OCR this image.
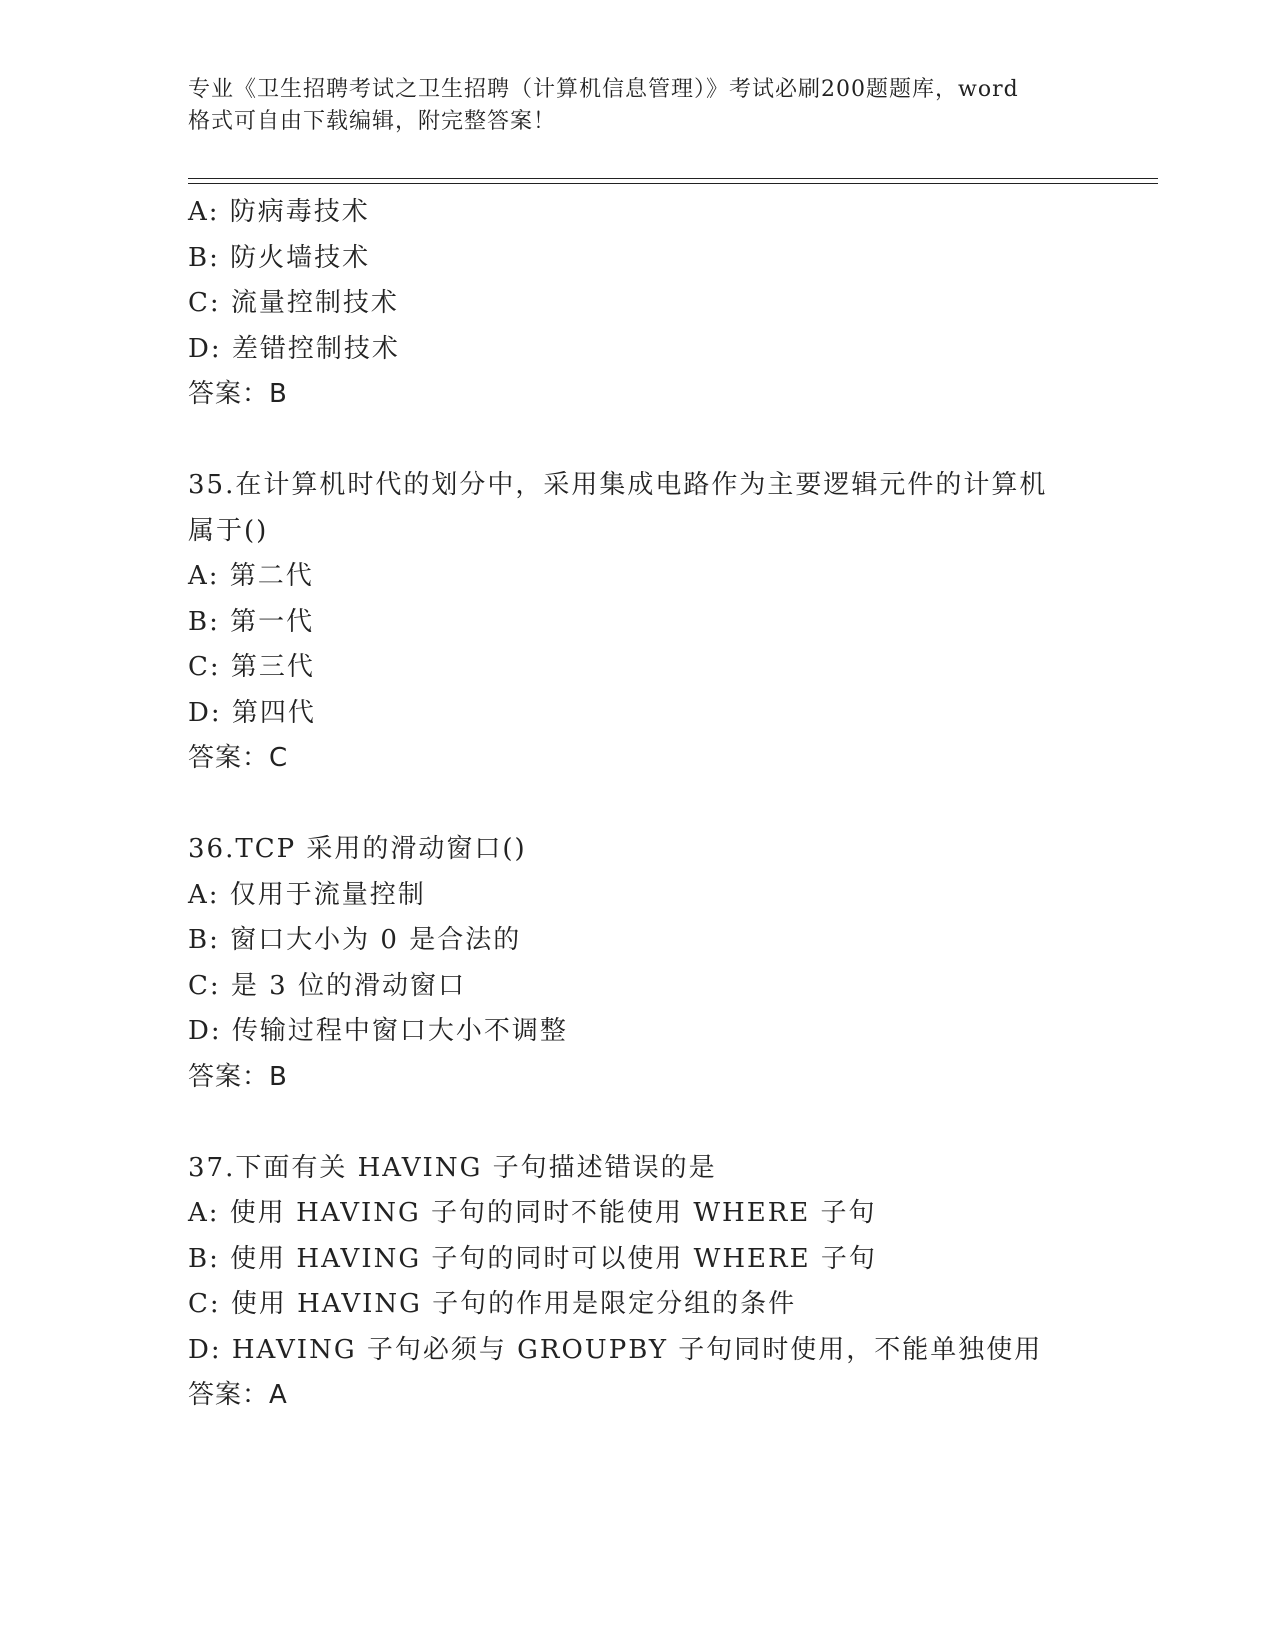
专业《卫生招聘考试之卫生招聘（计算机信息管理）》考试必刷200题题库，word
格式可自由下载编辑，附完整答案！
A: 防病毒技术
B: 防火墙技术
C: 流量控制技术
D: 差错控制技术
答案：B
35.在计算机时代的划分中，采用集成电路作为主要逻辑元件的计算机
属于()
A: 第二代
B: 第一代
C: 第三代
D: 第四代
答案：C
36.TCP 采用的滑动窗口()
A: 仅用于流量控制
B: 窗口大小为 0 是合法的
C: 是 3 位的滑动窗口
D: 传输过程中窗口大小不调整
答案：B
37.下面有关 HAVING 子句描述错误的是
A: 使用 HAVING 子句的同时不能使用 WHERE 子句
B: 使用 HAVING 子句的同时可以使用 WHERE 子句
C: 使用 HAVING 子句的作用是限定分组的条件
D: HAVING 子句必须与 GROUPBY 子句同时使用，不能单独使用
答案：A
